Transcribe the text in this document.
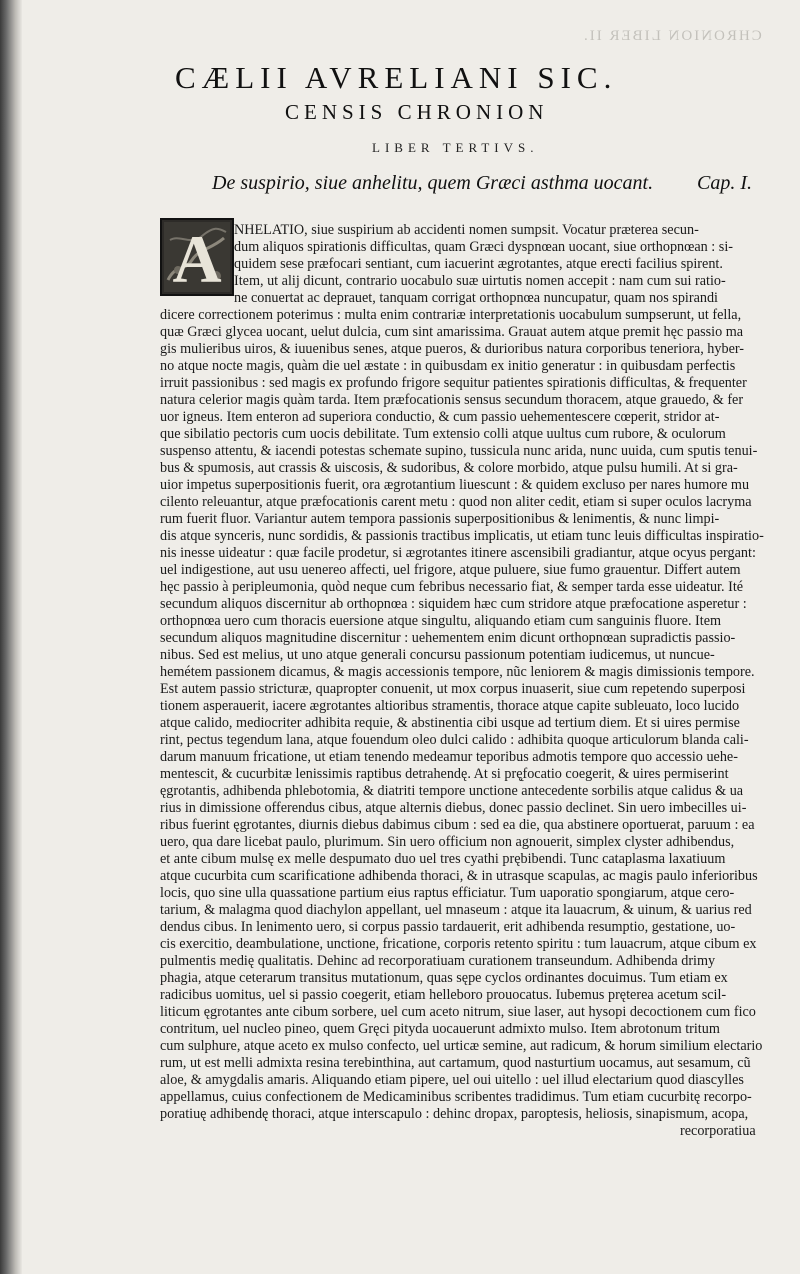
CHRONION LIBER II.
CÆLII AVRELIANI SIC.
CENSIS CHRONION
LIBER TERTIVS.
De suspirio, siue anhelitu, quem Græci asthma uocant. Cap. I.
A NHELATIO, siue suspirium ab accidenti nomen sumpsit. Vocatur præterea secun-
dum aliquos spirationis difficultas, quam Græci dyspnœan uocant, siue orthopnœan : si-
quidem sese præfocari sentiant, cum iacuerint ægrotantes, atque erecti facilius spirent.
Item, ut alij dicunt, contrario uocabulo suæ uirtutis nomen accepit : nam cum sui ratio-
ne conuertat ac deprauet, tanquam corrigat orthopnœa nuncupatur, quam nos spirandi
dicere correctionem poterimus : multa enim contrariæ interpretationis uocabulum sumpserunt, ut fella,
quæ Græci glycea uocant, uelut dulcia, cum sint amarissima. Grauat autem atque premit hęc passio ma
gis mulieribus uiros, & iuuenibus senes, atque pueros, & durioribus natura corporibus teneriora, hyber-
no atque nocte magis, quàm die uel æstate : in quibusdam ex initio generatur : in quibusdam perfectis
irruit passionibus : sed magis ex profundo frigore sequitur patientes spirationis difficultas, & frequenter
natura celerior magis quàm tarda. Item præfocationis sensus secundum thoracem, atque grauedo, & fer
uor igneus. Item enteron ad superiora conductio, & cum passio uehementescere cœperit, stridor at-
que sibilatio pectoris cum uocis debilitate. Tum extensio colli atque uultus cum rubore, & oculorum
suspenso attentu, & iacendi potestas schemate supino, tussicula nunc arida, nunc uuida, cum sputis tenui-
bus & spumosis, aut crassis & uiscosis, & sudoribus, & colore morbido, atque pulsu humili. At si gra-
uior impetus superpositionis fuerit, ora ægrotantium liuescunt : & quidem excluso per nares humore mu
cilento releuantur, atque præfocationis carent metu : quod non aliter cedit, etiam si super oculos lacryma
rum fuerit fluor. Variantur autem tempora passionis superpositionibus & lenimentis, & nunc limpi-
dis atque synceris, nunc sordidis, & passionis tractibus implicatis, ut etiam tunc leuis difficultas inspiratio-
nis inesse uideatur : quæ facile prodetur, si ægrotantes itinere ascensibili gradiantur, atque ocyus pergant:
uel indigestione, aut usu uenereo affecti, uel frigore, atque puluere, siue fumo grauentur. Differt autem
hęc passio à peripleumonia, quòd neque cum febribus necessario fiat, & semper tarda esse uideatur. Ité
secundum aliquos discernitur ab orthopnœa : siquidem hæc cum stridore atque præfocatione asperetur :
orthopnœa uero cum thoracis euersione atque singultu, aliquando etiam cum sanguinis fluore. Item
secundum aliquos magnitudine discernitur : uehementem enim dicunt orthopnœan supradictis passio-
nibus. Sed est melius, ut uno atque generali concursu passionum potentiam iudicemus, ut nuncue-
hemétem passionem dicamus, & magis accessionis tempore, nũc leniorem & magis dimissionis tempore.
Est autem passio stricturæ, quapropter conuenit, ut mox corpus inuaserit, siue cum repetendo superposi
tionem asperauerit, iacere ægrotantes altioribus stramentis, thorace atque capite subleuato, loco lucido
atque calido, mediocriter adhibita requie, & abstinentia cibi usque ad tertium diem. Et si uires permise
rint, pectus tegendum lana, atque fouendum oleo dulci calido : adhibita quoque articulorum blanda cali-
darum manuum fricatione, ut etiam tenendo medeamur teporibus admotis tempore quo accessio uehe-
mentescit, & cucurbitæ lenissimis raptibus detrahendę. At si prę̨focatio coegerit, & uires permiserint
ęgrotantis, adhibenda phlebotomia, & diatriti tempore unctione antecedente sorbilis atque calidus & ua
rius in dimissione offerendus cibus, atque alternis diebus, donec passio declinet. Sin uero imbecilles ui-
ribus fuerint ęgrotantes, diurnis diebus dabimus cibum : sed ea die, qua abstinere oportuerat, paruum : ea
uero, qua dare licebat paulo, plurimum. Sin uero officium non agnouerit, simplex clyster adhibendus,
et ante cibum mulsę ex melle despumato duo uel tres cyathi prębibendi. Tunc cataplasma laxatiuum
atque cucurbita cum scarificatione adhibenda thoraci, & in utrasque scapulas, ac magis paulo inferioribus
locis, quo sine ulla quassatione partium eius raptus efficiatur. Tum uaporatio spongiarum, atque cero-
tarium, & malagma quod diachylon appellant, uel mnaseum : atque ita lauacrum, & uinum, & uarius red
dendus cibus. In lenimento uero, si corpus passio tardauerit, erit adhibenda resumptio, gestatione, uo-
cis exercitio, deambulatione, unctione, fricatione, corporis retento spiritu : tum lauacrum, atque cibum ex
pulmentis medię qualitatis. Dehinc ad recorporatiuam curationem transeundum. Adhibenda drimy
phagia, atque ceterarum transitus mutationum, quas sępe cyclos ordinantes docuimus. Tum etiam ex
radicibus uomitus, uel si passio coegerit, etiam helleboro prouocatus. Iubemus prętereа acetum scil-
liticum ęgrotantes ante cibum sorbere, uel cum aceto nitrum, siue laser, aut hysopi decoctionem cum fico
contritum, uel nucleo pineo, quem Gręci pityda uocauerunt admixto mulso. Item abrotonum tritum
cum sulphure, atque aceto ex mulso confecto, uel urticæ semine, aut radicum, & horum similium electario
rum, ut est melli admixta resina terebinthina, aut cartamum, quod nasturtium uocamus, aut sesamum, cũ
aloe, & amygdalis amaris. Aliquando etiam pipere, uel oui uitello : uel illud electarium quod diascylles
appellamus, cuius confectionem de Medicaminibus scribentes tradidimus. Tum etiam cucurbitę recorpo-
poratiuę adhibendę thoraci, atque interscapulo : dehinc dropax, paroptesis, heliosis, sinapismum, acopa,
recorporatiua
